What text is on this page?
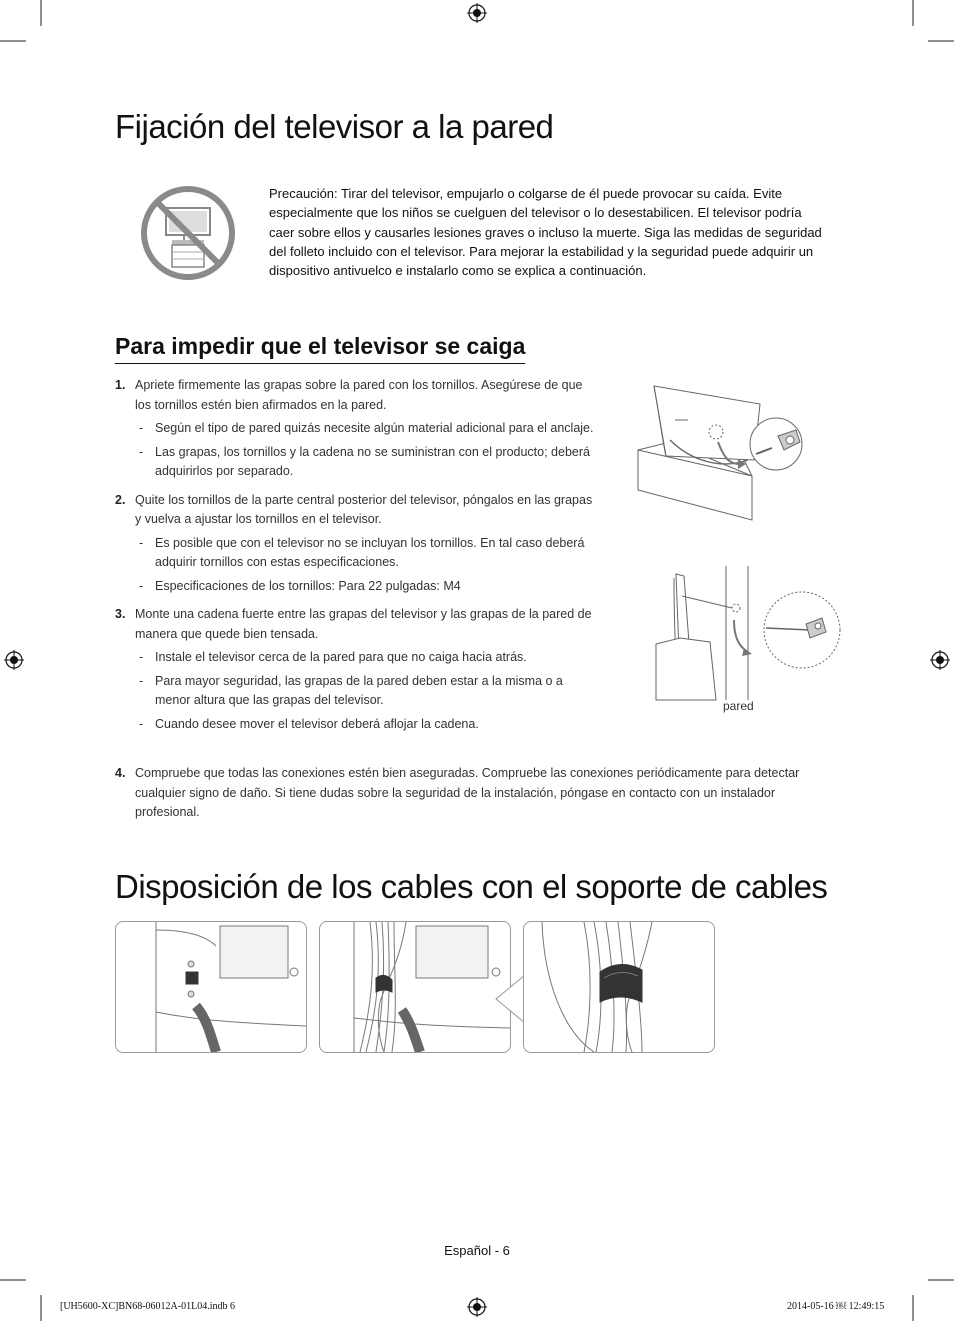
Fijación del televisor a la pared
Precaución: Tirar del televisor, empujarlo o colgarse de él puede provocar su caída. Evite especialmente que los niños se cuelguen del televisor o lo desestabilicen. El televisor podría caer sobre ellos y causarles lesiones graves o incluso la muerte. Siga las medidas de seguridad del folleto incluido con el televisor. Para mejorar la estabilidad y la seguridad puede adquirir un dispositivo antivuelco e instalarlo como se explica a continuación.
Para impedir que el televisor se caiga
1. Apriete firmemente las grapas sobre la pared con los tornillos. Asegúrese de que los tornillos estén bien afirmados en la pared.
- Según el tipo de pared quizás necesite algún material adicional para el anclaje.
- Las grapas, los tornillos y la cadena no se suministran con el producto; deberá adquirirlos por separado.
2. Quite los tornillos de la parte central posterior del televisor, póngalos en las grapas y vuelva a ajustar los tornillos en el televisor.
- Es posible que con el televisor no se incluyan los tornillos. En tal caso deberá adquirir tornillos con estas especificaciones.
- Especificaciones de los tornillos: Para 22 pulgadas: M4
3. Monte una cadena fuerte entre las grapas del televisor y las grapas de la pared de manera que quede bien tensada.
- Instale el televisor cerca de la pared para que no caiga hacia atrás.
- Para mayor seguridad, las grapas de la pared deben estar a la misma o a menor altura que las grapas del televisor.
- Cuando desee mover el televisor deberá aflojar la cadena.
4. Compruebe que todas las conexiones estén bien aseguradas. Compruebe las conexiones periódicamente para detectar cualquier signo de daño. Si tiene dudas sobre la seguridad de la instalación, póngase en contacto con un instalador profesional.
pared
Disposición de los cables con el soporte de cables
Español - 6
[UH5600-XC]BN68-06012A-01L04.indb 6	2014-05-16 ￼ 12:49:15
